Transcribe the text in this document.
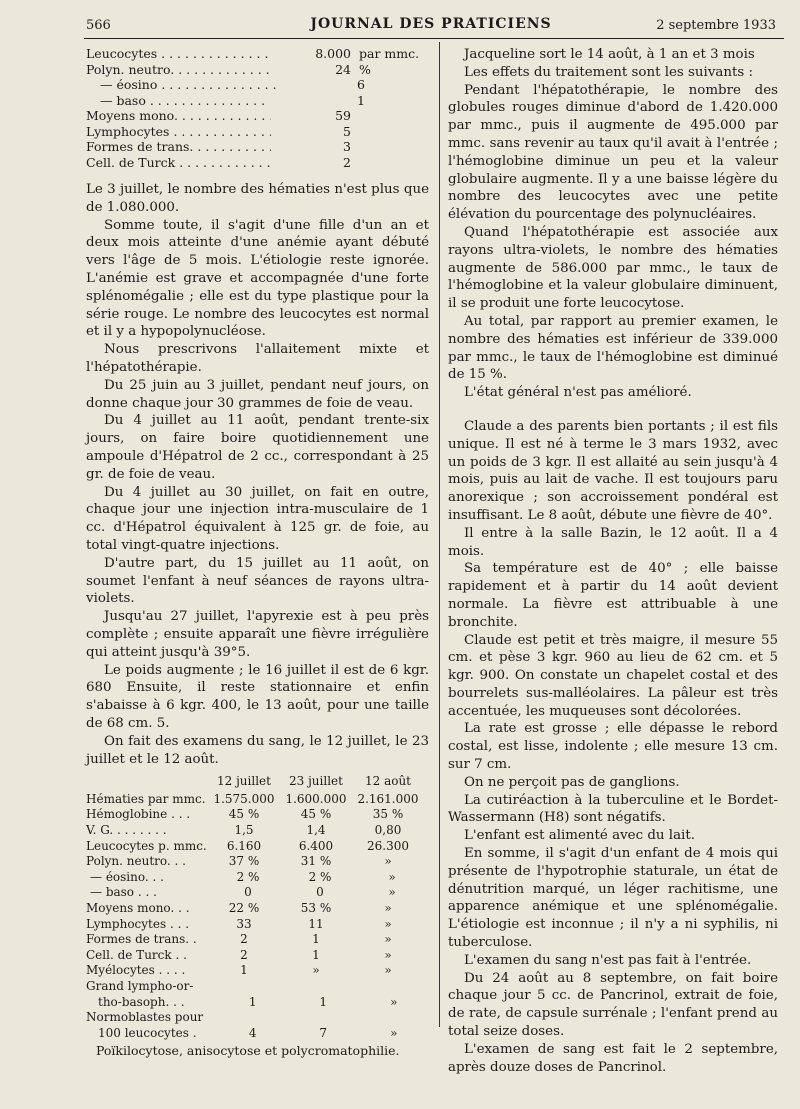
566	JOURNAL DES PRATICIENS	2 septembre 1933
Leucocytes . . .	8.000 par mmc.
Polyn. neutro. . . .	24 %
— éosino . . .	6
— baso . . .	1
Moyens mono. . . .	59
Lymphocytes . . .	5
Formes de trans. . . .	3
Cell. de Turck . . .	2

Le 3 juillet, le nombre des hématies n'est plus que de 1.080.000.

Somme toute, il s'agit d'une fille d'un an et deux mois atteinte d'une anémie ayant débuté vers l'âge de 5 mois. L'étiologie reste ignorée. L'anémie est grave et accompagnée d'une forte splénomégalie ; elle est du type plastique pour la série rouge. Le nombre des leucocytes est normal et il y a hypopolynucléose.

Nous prescrivons l'allaitement mixte et l'hépatothérapie.

Du 25 juin au 3 juillet, pendant neuf jours, on donne chaque jour 30 grammes de foie de veau.

Du 4 juillet au 11 août, pendant trente-six jours, on faire boire quotidiennement une ampoule d'Hépatrol de 2 cc., correspondant à 25 gr. de foie de veau.

Du 4 juillet au 30 juillet, on fait en outre, chaque jour une injection intra-musculaire de 1 cc. d'Hépatrol équivalent à 125 gr. de foie, au total vingt-quatre injections.

D'autre part, du 15 juillet au 11 août, on soumet l'enfant à neuf séances de rayons ultra-violets.

Jusqu'au 27 juillet, l'apyrexie est à peu près complète ; ensuite apparaît une fièvre irrégulière qui atteint jusqu'à 39°5.

Le poids augmente ; le 16 juillet il est de 6 kgr. 680 Ensuite, il reste stationnaire et enfin s'abaisse à 6 kgr. 400, le 13 août, pour une taille de 68 cm. 5.

On fait des examens du sang, le 12 juillet, le 23 juillet et le 12 août.

12 juillet	23 juillet	12 août
Hématies par mmc. 1.575.000 1.600.000 2.161.000
Hémoglobine . . .	45 %	45 %	35 %
V. G. . . . . . . .	1,5	1,4	0,80
Leucocytes p. mmc.	6.160	6.400	26.300
Polyn. neutro. . .	37 %	31 %	»
— éosino. . .	2 %	2 %	»
— baso . . .	0	0	»
Moyens mono. . .	22 %	53 %	»
Lymphocytes . . .	33	11	»
Formes de trans. .	2	1	»
Cell. de Turck . .	2	1	»
Myélocytes . . . .	1	»	»
Grand lympho-or-
tho-basoph. . .	1	1	»
Normoblastes pour
100 leucocytes .	4	7	»
Poïkilocytose, anisocytose et polycromatophilie.

Jacqueline sort le 14 août, à 1 an et 3 mois

Les effets du traitement sont les suivants :

Pendant l'hépatothérapie, le nombre des globules rouges diminue d'abord de 1.420.000 par mmc., puis il augmente de 495.000 par mmc. sans revenir au taux qu'il avait à l'entrée ; l'hémoglobine diminue un peu et la valeur globulaire augmente. Il y a une baisse légère du nombre des leucocytes avec une petite élévation du pourcentage des polynucléaires.

Quand l'hépatothérapie est associée aux rayons ultra-violets, le nombre des hématies augmente de 586.000 par mmc., le taux de l'hémoglobine et la valeur globulaire diminuent, il se produit une forte leucocytose.

Au total, par rapport au premier examen, le nombre des hématies est inférieur de 339.000 par mmc., le taux de l'hémoglobine est diminué de 15 %.

L'état général n'est pas amélioré.

Claude a des parents bien portants ; il est fils unique. Il est né à terme le 3 mars 1932, avec un poids de 3 kgr. Il est allaité au sein jusqu'à 4 mois, puis au lait de vache. Il est toujours paru anorexique ; son accroissement pondéral est insuffisant. Le 8 août, débute une fièvre de 40°.

Il entre à la salle Bazin, le 12 août. Il a 4 mois.

Sa température est de 40° ; elle baisse rapidement et à partir du 14 août devient normale. La fièvre est attribuable à une bronchite.

Claude est petit et très maigre, il mesure 55 cm. et pèse 3 kgr. 960 au lieu de 62 cm. et 5 kgr. 900. On constate un chapelet costal et des bourrelets sus-malléolaires. La pâleur est très accentuée, les muqueuses sont décolorées.

La rate est grosse ; elle dépasse le rebord costal, est lisse, indolente ; elle mesure 13 cm. sur 7 cm.

On ne perçoit pas de ganglions.

La cutiréaction à la tuberculine et le Bordet-Wassermann (H8) sont négatifs.

L'enfant est alimenté avec du lait.

En somme, il s'agit d'un enfant de 4 mois qui présente de l'hypotrophie staturale, un état de dénutrition marqué, un léger rachitisme, une apparence anémique et une splénomégalie. L'étiologie est inconnue ; il n'y a ni syphilis, ni tuberculose.

L'examen du sang n'est pas fait à l'entrée.

Du 24 août au 8 septembre, on fait boire chaque jour 5 cc. de Pancrinol, extrait de foie, de rate, de capsule surrénale ; l'enfant prend au total seize doses.

L'examen de sang est fait le 2 septembre, après douze doses de Pancrinol.
